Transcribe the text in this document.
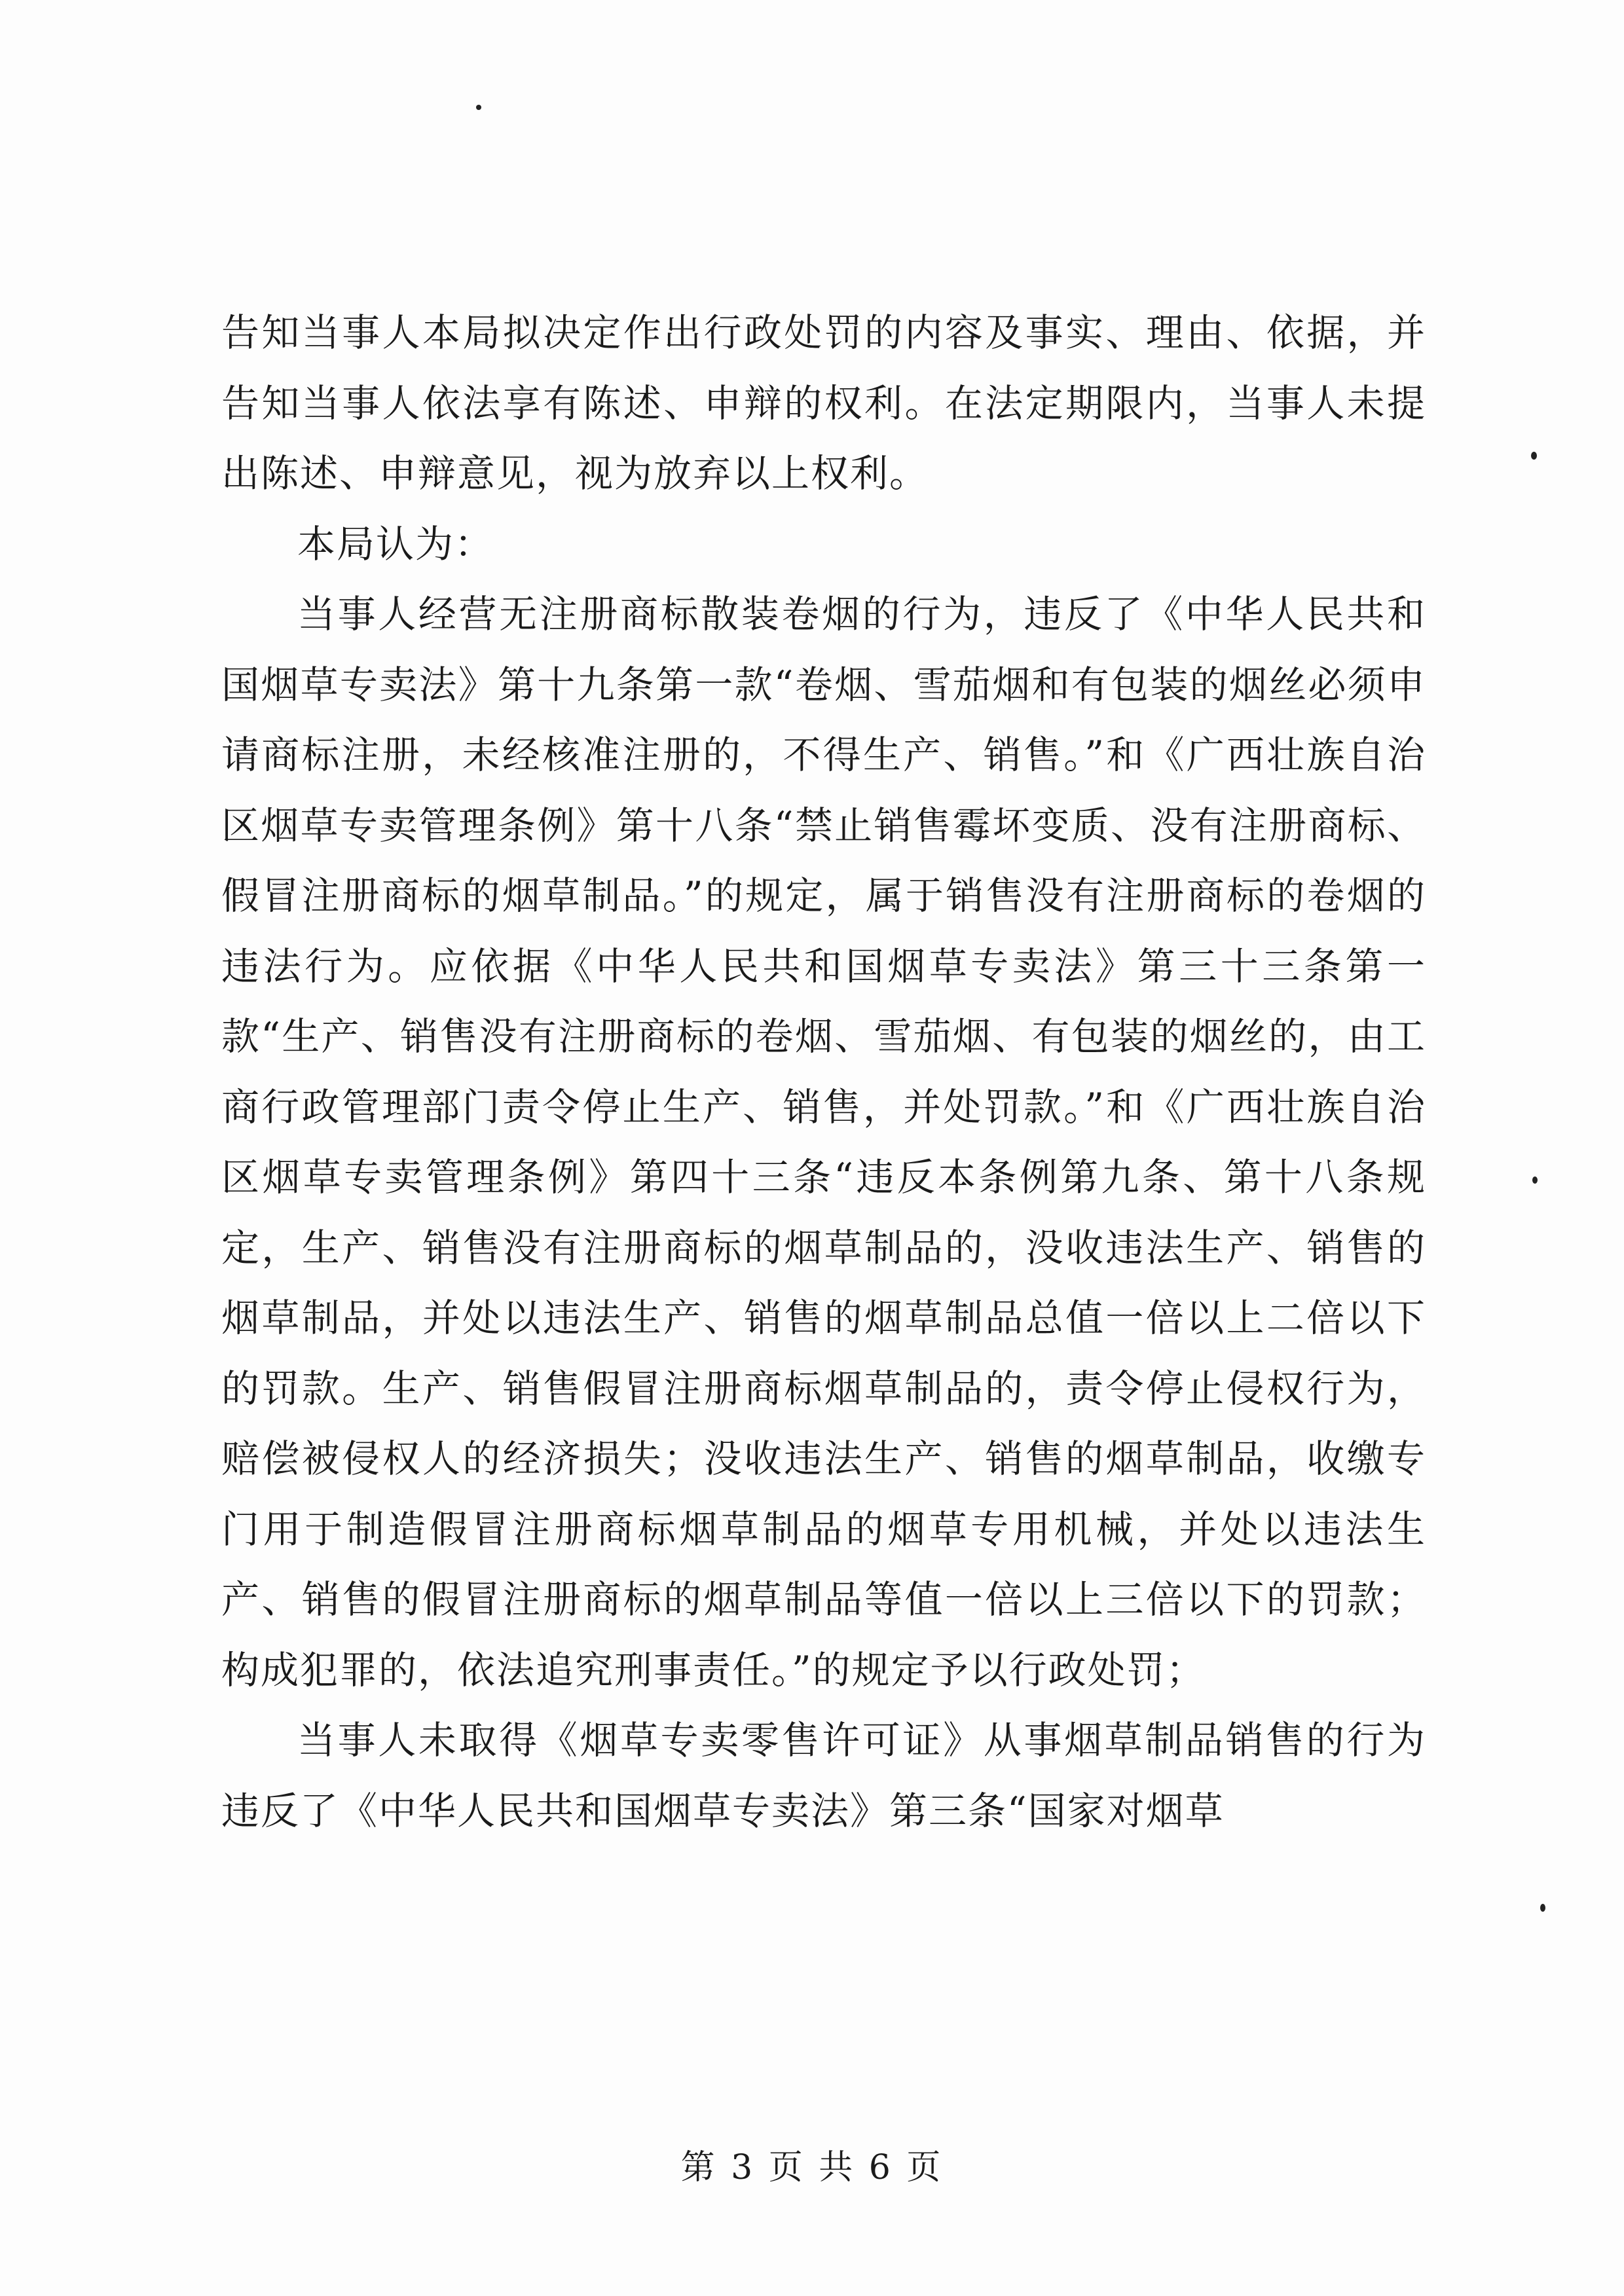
告知当事人本局拟决定作出行政处罚的内容及事实、理由、依据，并告知当事人依法享有陈述、申辩的权利。在法定期限内，当事人未提出陈述、申辩意见，视为放弃以上权利。

本局认为：

当事人经营无注册商标散装卷烟的行为，违反了《中华人民共和国烟草专卖法》第十九条第一款“卷烟、雪茄烟和有包装的烟丝必须申请商标注册，未经核准注册的，不得生产、销售。”和《广西壮族自治区烟草专卖管理条例》第十八条“禁止销售霉坏变质、没有注册商标、假冒注册商标的烟草制品。”的规定，属于销售没有注册商标的卷烟的违法行为。应依据《中华人民共和国烟草专卖法》第三十三条第一款“生产、销售没有注册商标的卷烟、雪茄烟、有包装的烟丝的，由工商行政管理部门责令停止生产、销售，并处罚款。”和《广西壮族自治区烟草专卖管理条例》第四十三条“违反本条例第九条、第十八条规定，生产、销售没有注册商标的烟草制品的，没收违法生产、销售的烟草制品，并处以违法生产、销售的烟草制品总值一倍以上二倍以下的罚款。生产、销售假冒注册商标烟草制品的，责令停止侵权行为，赔偿被侵权人的经济损失；没收违法生产、销售的烟草制品，收缴专门用于制造假冒注册商标烟草制品的烟草专用机械，并处以违法生产、销售的假冒注册商标的烟草制品等值一倍以上三倍以下的罚款；构成犯罪的，依法追究刑事责任。”的规定予以行政处罚；

当事人未取得《烟草专卖零售许可证》从事烟草制品销售的行为违反了《中华人民共和国烟草专卖法》第三条“国家对烟草

第 3 页 共 6 页
